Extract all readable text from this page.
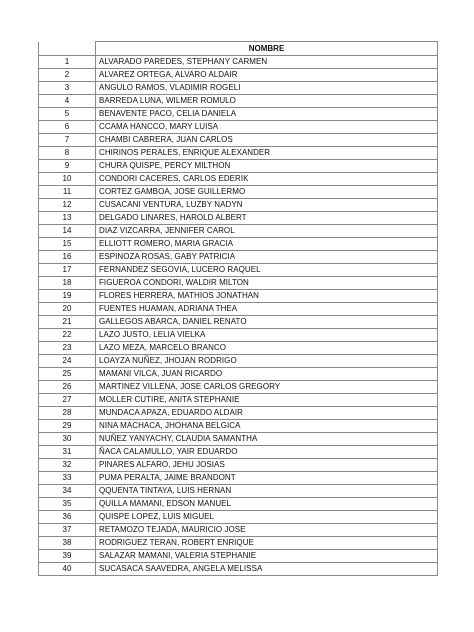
	NOMBRE
1	ALVARADO PAREDES, STEPHANY CARMEN
2	ALVAREZ ORTEGA, ALVARO ALDAIR
3	ANGULO RAMOS, VLADIMIR ROGELI
4	BARREDA LUNA, WILMER ROMULO
5	BENAVENTE PACO, CELIA DANIELA
6	CCAMA HANCCO, MARY LUISA
7	CHAMBI CABRERA, JUAN CARLOS
8	CHIRINOS PERALES, ENRIQUE ALEXANDER
9	CHURA QUISPE, PERCY MILTHON
10	CONDORI CACERES, CARLOS EDERIK
11	CORTEZ GAMBOA, JOSE GUILLERMO
12	CUSACANI VENTURA, LUZBY NADYN
13	DELGADO LINARES, HAROLD ALBERT
14	DIAZ VIZCARRA, JENNIFER CAROL
15	ELLIOTT ROMERO, MARIA GRACIA
16	ESPINOZA ROSAS, GABY PATRICIA
17	FERNANDEZ SEGOVIA, LUCERO RAQUEL
18	FIGUEROA CONDORI, WALDIR MILTON
19	FLORES HERRERA, MATHIOS JONATHAN
20	FUENTES HUAMAN, ADRIANA THEA
21	GALLEGOS ABARCA, DANIEL RENATO
22	LAZO JUSTO, LELIA VIELKA
23	LAZO MEZA, MARCELO BRANCO
24	LOAYZA NUÑEZ, JHOJAN RODRIGO
25	MAMANI VILCA, JUAN RICARDO
26	MARTINEZ VILLENA, JOSE CARLOS GREGORY
27	MOLLER CUTIRE, ANITA STEPHANIE
28	MUNDACA APAZA, EDUARDO ALDAIR
29	NINA MACHACA, JHOHANA BELGICA
30	NUÑEZ YANYACHY, CLAUDIA SAMANTHA
31	ÑACA CALAMULLO, YAIR EDUARDO
32	PINARES ALFARO, JEHU JOSIAS
33	PUMA PERALTA, JAIME BRANDONT
34	QQUENTA TINTAYA, LUIS HERNAN
35	QUILLA MAMANI, EDSON MANUEL
36	QUISPE LOPEZ, LUIS MIGUEL
37	RETAMOZO TEJADA, MAURICIO JOSE
38	RODRIGUEZ TERAN, ROBERT ENRIQUE
39	SALAZAR MAMANI, VALERIA STEPHANIE
40	SUCASACA SAAVEDRA, ANGELA MELISSA
